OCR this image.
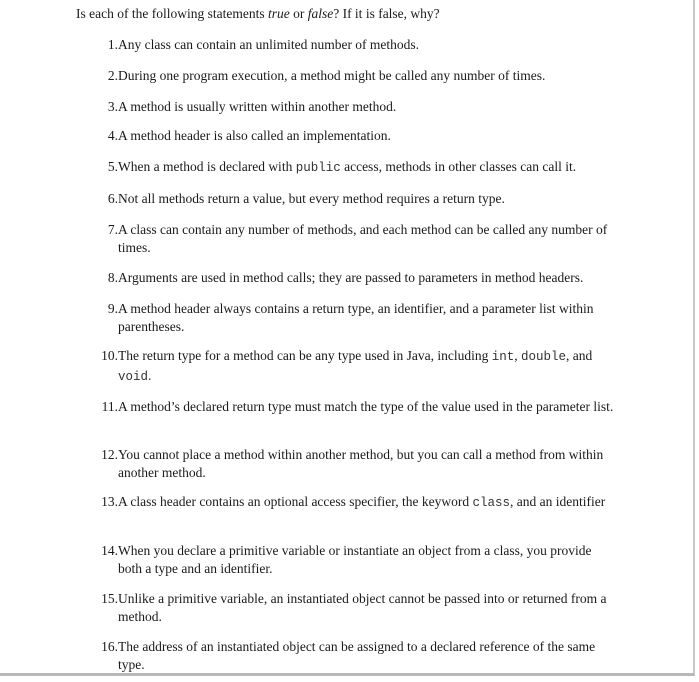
Is each of the following statements true or false? If it is false, why?
1. Any class can contain an unlimited number of methods.
2. During one program execution, a method might be called any number of times.
3. A method is usually written within another method.
4. A method header is also called an implementation.
5. When a method is declared with public access, methods in other classes can call it.
6. Not all methods return a value, but every method requires a return type.
7. A class can contain any number of methods, and each method can be called any number of times.
8. Arguments are used in method calls; they are passed to parameters in method headers.
9. A method header always contains a return type, an identifier, and a parameter list within parentheses.
10. The return type for a method can be any type used in Java, including int, double, and void.
11. A method’s declared return type must match the type of the value used in the parameter list.
12. You cannot place a method within another method, but you can call a method from within another method.
13. A class header contains an optional access specifier, the keyword class, and an identifier
14. When you declare a primitive variable or instantiate an object from a class, you provide both a type and an identifier.
15. Unlike a primitive variable, an instantiated object cannot be passed into or returned from a method.
16. The address of an instantiated object can be assigned to a declared reference of the same type.
